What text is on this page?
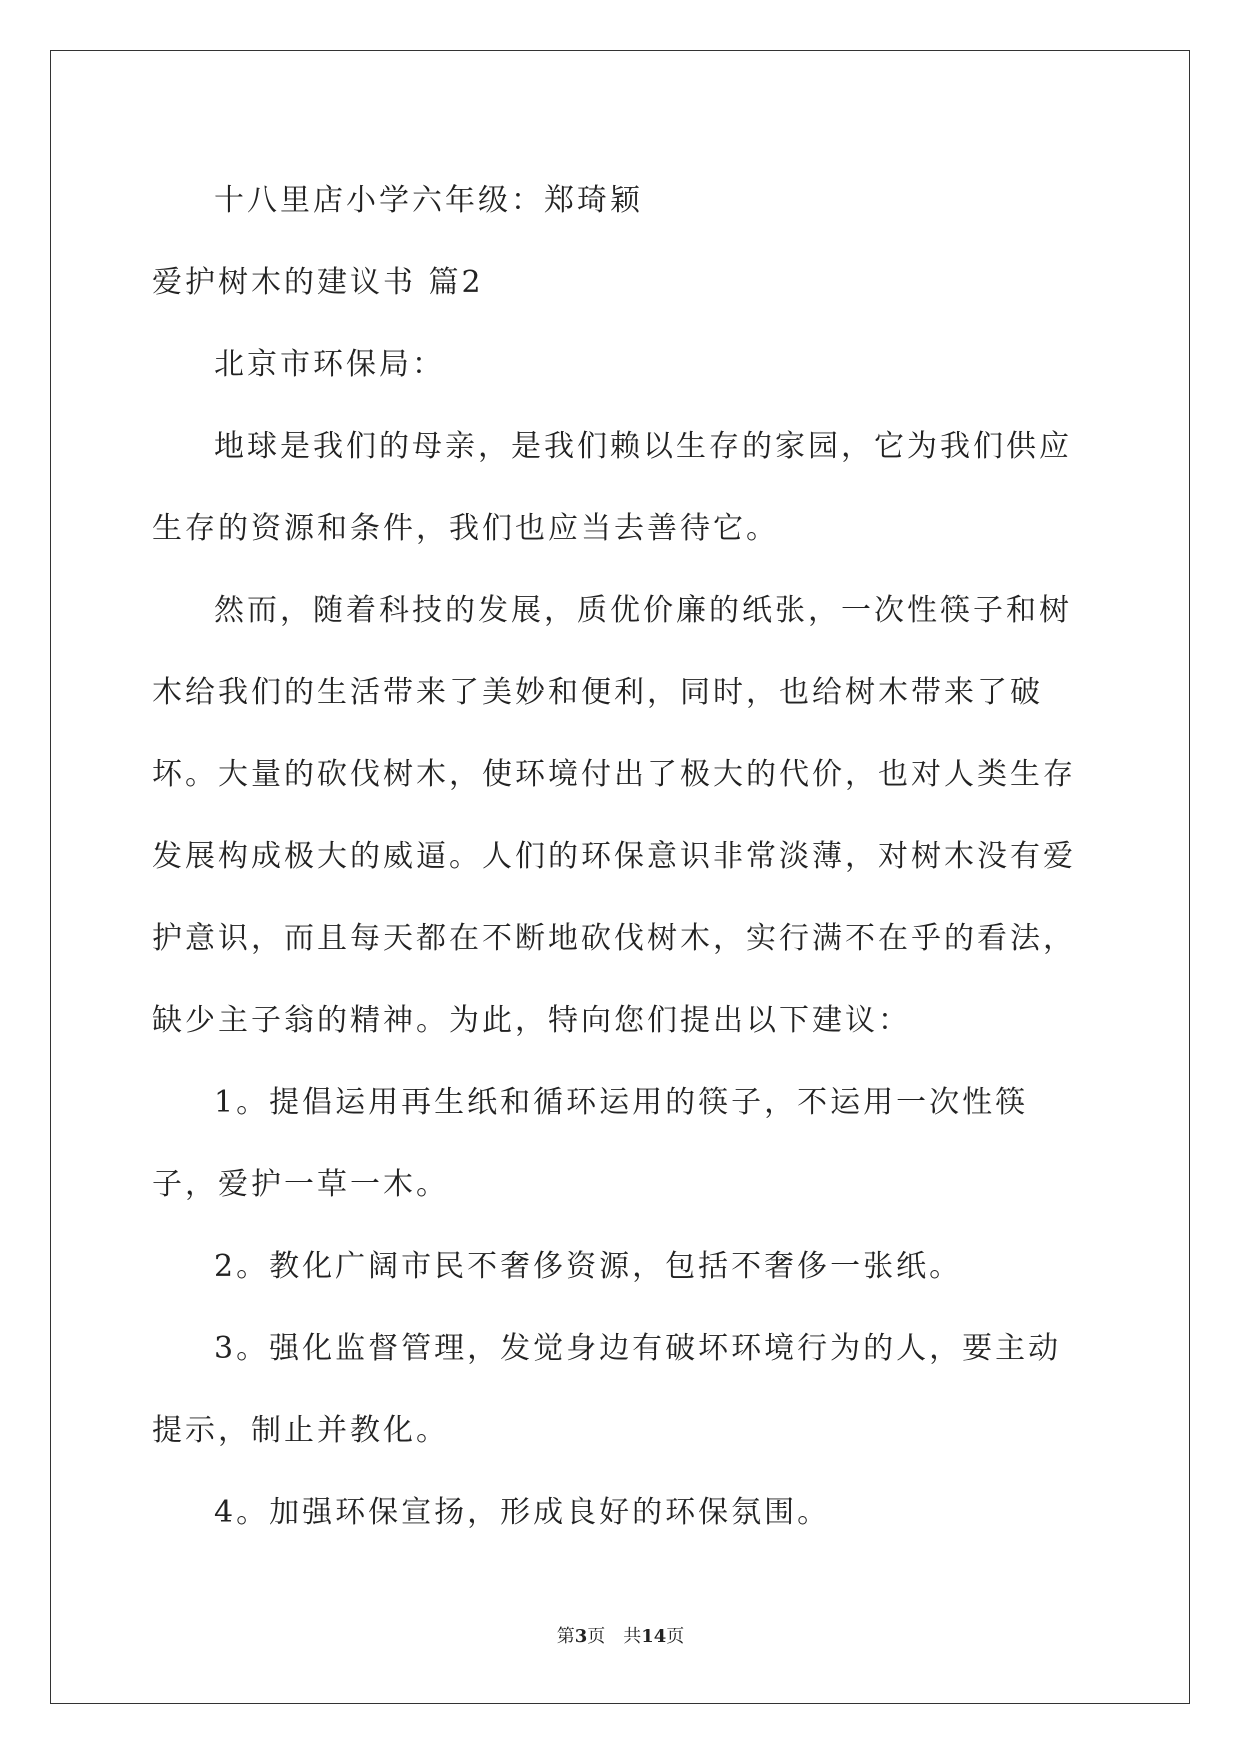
十八里店小学六年级：郑琦颖

爱护树木的建议书 篇2

北京市环保局：

地球是我们的母亲，是我们赖以生存的家园，它为我们供应生存的资源和条件，我们也应当去善待它。

然而，随着科技的发展，质优价廉的纸张，一次性筷子和树木给我们的生活带来了美妙和便利，同时，也给树木带来了破坏。大量的砍伐树木，使环境付出了极大的代价，也对人类生存发展构成极大的威逼。人们的环保意识非常淡薄，对树木没有爱护意识，而且每天都在不断地砍伐树木，实行满不在乎的看法，缺少主子翁的精神。为此，特向您们提出以下建议：

1。提倡运用再生纸和循环运用的筷子，不运用一次性筷子，爱护一草一木。

2。教化广阔市民不奢侈资源，包括不奢侈一张纸。

3。强化监督管理，发觉身边有破坏环境行为的人，要主动提示，制止并教化。

4。加强环保宣扬，形成良好的环保氛围。

第3页 共14页
